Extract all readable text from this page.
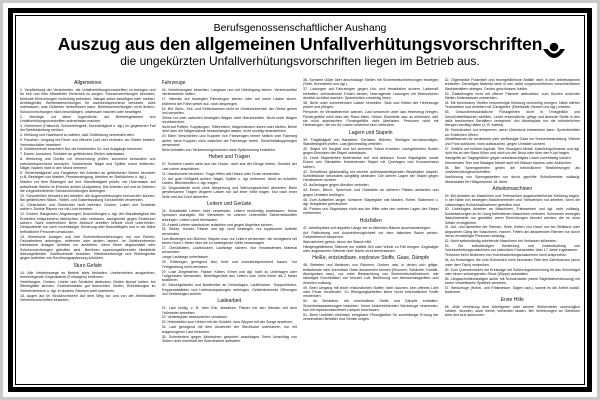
Berufsgenossenschaftlicher Aushang
Auszug aus den allgemeinen Unfallverhütungsvorschriften
die ungekürzten Unfallverhütungsvorschriften liegen im Betrieb aus.
Allgemeines

1. Verpflichtung der Versicherten, die Unfallverhütungsvorschriften zu befolgen und für ihre und ihrer Mitarbeiter Sicherheit zu sorgen. Schutzvorrichtungen benutzen, fehlende Einrichtungen rechtzeitig anfordern. Mängel sofort beseitigen oder melden. Arbeitsgeräte, Betriebseinrichtungen für zweckentsprechend benutzen, alles unterlassen, was Gefahren herbeiführen kann. Betriebseinrichtungen nicht ändern. Schutzvorrichtungen nicht beschädigen, unwirksam machen oder beseitigen.

2. Neulinge, vor allem Jugendliche, auf Betriebsgefahren und Unfallverhütungsvorschriften aufmerksam machen.

3. Gebrechen (Fallsucht, Schwerhörigkeit, Kurzsichtigkeit u. dgl.) im gegebenen Fall der Betriebsleitung melden.

4. Kleidung und Haartracht so wählen, daß Gefährdung vermieden wird.

5. Rauchen, Umgang mit Feuer und offenem Licht dort verboten, wo Gefahr besteht. Verbotsschilder beachten!

6. Zutrittsverbote beachten! Nur die bestimmten Zu- und Ausgänge benutzen.

7. Essen, Ausruhen, Schlafen an gefährlichen Stellen unterlassen.

8. Werkzeug und Geräte vor Verwendung prüfen, schonend behandeln und zweckentsprechend benutzen. Vorstehende Nägel und Splitter sofort entfernen. Nägel, Nadeln nicht in den Mund nehmen!

9. Sicherheitsgürtel und Fangleinen bei Arbeiten an gefährlichen Stellen benutzen (z.B. Besteigen von Masten, Fensterreinigung, Arbeiten an Steildächern u. dgl.).

Masten vor dem Besteigen auf ihre Standfestigkeit prüfen, bei Holzmasten auf anfaulende Stellen im Erdreich achten (Aufgraben). Bei Arbeiten auf und an Dächern die vorgeschriebenen Schutzvorrichtungen anbringen.

10. Schutzbrillen benutzen bei Arbeiten, die Augenverletzungen hervorrufen können. Bei gefährlichen Staub-, Nebel- und Gasentwicklung Schutzmittel verwenden.

11. Gleisrächen und Oberlichter nicht betreten. Gruben, Luken und Schächte sichern. Dunkle Räume nur mit Licht betreten.

12. Gruben, Baugruben, Abgrabungen, Anschüttungen u. dgl. der Standfestigkeit des Erdreichs entsprechend abböschen, oder verbauen, sachgemäß gegen Einstürzen sichern. Nicht unterhöhlen! Beim Abbruch arbeiten Wände nicht unterhöhlen, Gebäudeteile nur nach zuverlässiger Sicherung aller Beschäftigten und in der Nähe befindlichen Personen umstürzen.

13. Elektrische Anlagen und ihre Sicherheitsvorkehrungen nur von Elektro-Facharbeitern anbringen, entfernen oder ändern lassen. Im Gefahrenbereich elektrischer Anlagen Arbeiten nur ausführen, wenn Strom abgeschaltet oder Schutzvorrichtungen getroffen sind. Berühren spannungsführender Metallteile lebensgefährlich. Zutrittsverbote beachten. Elektrowerkzeuge und Elektrogeräte gegen Auftreten von Berührungsspannung schützen.

Sturz-Gefahr

14. Alle Verkehrswege im Betrieb stets freihalten. Unebenheiten ausgleichen, herumliegende Gegenstände (Fußangeln) entfernen.

Vertiefungen, Gruben, Löcher und Schächte abdecken, Böden stumpf halten; bei Winterglätte streuen. Gefahrenstellen gut beleuchten. Stufen, Rohrleitungen im Verkehrsbereich u. dgl. in dunklen Räumen weiß markieren.

15. Augen auf im Straßenverkehr! Auf dem Weg zur und von der Arbeitsstätte Verkehrsvorschriften beachten.

Fahrzeuge

16. Verkehrsregeln beachten. Langsam und mit Überlegung fahren. Verkehrsmittel betriebssicher halten.

17. Niemals auf bewegten Fahrzeugen stehen oder auf losen Lasten sitzen. Während der Fahrt weder auf- noch abspringen.

18. Bei Gleis-, Seil- und Kettenbahnen nicht im Gefahrenbereich der Gleise gehen und verweilen.

Gleise vor oder zwischen bewegten Wagen nicht überschreiten. Nicht unter Wagen durchkriechen.

Nicht auf Puffern, Kupplungen, Trittbrettern, Wagenrändern sitzen oder stehen, Beine nicht über die Wagenwände heraushängen lassen, nicht unnötig hinauslehnen.

19. Beim Verschieben und Kuppeln von Fahrzeugen immer seitlich vom Fahrweg laufen; beim Kuppeln nicht zwischen die Fahrzeuge treten. Sicherheitskupplungen verwenden!

Beim Anhalten von Verbrennungsmotoren stets Spätzündung einstellen.

Heben und Tragen

20. Schwere Lasten stets aus der Hocke, nicht aus der Beuge heben. Gewicht der Last vorher abschätzen.

21. Handschuhe benützen. Trage-Hilfen wie Haken oder Gurte verwenden.

22. Auf gute Griffigkeit achten. Nägel, Splitter u. dgl. entfernen. Nicht an scharfen Kanten, Blechstreifen u. dgl. tragen.

23. Gegenstände nicht ohne Absperrung und Warnungszeichen abwerfen. Beim gemeinsamen Tragen längerer Lasten nur auf einer Seite tragen. Nur nach einer Seite und auf Zuruf abwerfen.

Leitern und Gerüste

24. Schadhafte Leitern nicht verwenden. Leitern rechtzeitig ausbessern. Keine Sprossen aufnageln. Bei Stehleitern im unteren Leiterdrittel Sicherheitsketten anbringen. Leitern nicht überlasten.

25. Anstell-Leitern standsicher aufstellen und gegen Abgleiten sichern.

26. Stühle, Hocker, Fässer und dgl. nicht besteigen, nur kippsichere Auftritte verwenden.

Zum Besteigen von Bühnen, Stapeln usw. nur Leitern verwenden, die wenigstens mit einem Holm 1 Meter über die zu besteigende Stelle hinausragen.

27. Gerüstlatten, Laufbrücken, Laufstege sichern. Nur einwandfreies Material verwenden.

Lange Laufstege unterfassen.

28. Rüstungen genügend fest, breit und zweckentsprechend bauen. Vor Fertigstellung nicht benützen.

29. Lose Ziegelsteine, Fässer, Kisten, Eimer und dgl. nicht zu Unterlagen oder Fußgerüsten verwenden. Behelfsgerüste aus Leitern usw. nicht höher als 2 Meter ausführen.

30. Schutzgeländer und Bordbretter an Gerüstlagen, Laufbrücken, Treppenläufen, Treppenabsätzen und Leiteraussparungen anbringen. Gefahrdrohende Öffnungen und Vertiefungen sichern.

Ladearbeit

31. Last richtig, z. B. über Eck, abwälzen. Fässer mit den Händen auf dem Faßmantel antreiben.

32. Verladegüter absturzsicher verstauen.

33. Hebestellen zum Heben mit der Schärfe, zum Wippen mit der Zunge ansetzen.

34. Last genügend mit dem Anstecher der Stechkarre unterfahren, nur mit ausgewogener Last verkarren.

35. Schrotleitern gegen Abrutschen gesichert anschlagen. Beim Umschlag von Gütern nicht innerhalb der Schrotholme aufhalten.

36. Schwere Güter über abschüssige Stellen mit Sicherheitsvorkehrungen bewegen (Seile, Bremskeile und dgl.).

37. Ladungen auf Fahrzeugen gegen Um- und Herabfallen sichern. Lademaß einhalten, schlaudernde Enden binden, überragende Ladungen mit Warnzeichen deutlich sichtbar machen. Spannketten vorsichtig lösen.

38. Nicht unter schwebenden Lasten verweilen. Taue und Ketten der Hebezeuge prüfen und pflegen.

Personen im Verladebereich warnen. Last senkrecht unter das Hebezeug bringen. Fördergefäße nicht über den Rand füllen. Hölzer, Eisenteile usw. so einbinden, daß sie nicht ausrutschen. Fördergefäße nicht überladen. Personen nicht mit Hebezeugen, die nur für Lasten bestimmt sind, befördern.

Lagern und Stapeln

39. Tragfähigkeit von Bauteilen, Gerüsten, Böhnen, Stellagen berücksichtigen, Standfestigkeit prüfen. Last gleichmäßig verteilen.

40. Stapel mit Sorgfalt und bei sicherem Stand errichten, nachgebenden Boden gegen Einsinken der Stapel unterbauen.

41. Hohe Stapelreihen stufenweise auf- und abbauen. Kurze Stapelgüter, sowie Ecken und Stirnseiten freistehender Stapel mit Querlagen und Kreuzverband sichern.

42. Schnittholz gleichmäßig mit lotrecht aufeinanderliegenden Bindelatten stapeln, Schnittblöcke besonders sorgfältig abbinden. Die oberen Lagen der Stapel gegen Herabwehen sichern.

43. Außenlagen gegen Abrollen verkeilen.

44. Eisen-, Blech-, Sperrholz- und Glastafeln an sicheren Plätzen aufstellen und gegen Umfallen festlegen.

45. Zum Aufstellen langer, schwerer Stapelgüter wie Masten, Rohre, Stabeisen u. dgl. Hubgabeln gebrauchen.

46. Proben und Stapelware nicht aus der Mitte oder den unteren Lagen der Stapel entnehmen.

Holzfällen

47. Arbeitsplätze auf doppelte Länge der zu fällenden Bäume auseinanderlegen.

Auf Fallrichtung und Ausweichmöglichkeit vor dem fallenden Baum achten. Gefahrbereich absperren.

Warnzeichen geben, bevor der Stamm fällt.

Hängengebliebene Stämme nur mittels Seil oder Winde zu Fall bringen. Angesägte oder angehauene Stämme über Nacht nicht stehenlassen.

Heiße, entzündbare, explosive Stoffe, Gase, Dämpfe

48. Betreten und Befahren von Räumen, Gruben usw. in denen sich giftige, betäubende oder brennbare Gase ansammeln können (Brunnen, Schächte, Kanäle, Abortgruben usw.), nur unter Beobachtung von Sicherheitsmaßnahmen, wie ständiges Durchblasen von frischer Luft, Benützung von Atemschutzgeräten und Anseilen zulässig.

49. Beim Umgang mit leicht entzündlichen Stoffen nicht rauchen, kein offenes Licht oder Feuer verwenden. Zu Reinigungsarbeiten keine leicht entzündlichen Stoffe verwenden.

50. An Behältern, die entzündliche Stoffe und Dämpfe enthalten, Sicherheitsanweisungen beachten. Keine funkenreißenden Werkzeuge verwenden. Nur mit explosionssicheren Lampen beschauen.

51. Beim Umfüllen elektrisch erregbarer Flüssigkeiten für zuverlässige Erdung der verwendeten Behälter und Geräte sorgen.

52. Ölgetränkte Putzmittel und feuergefährliche Abfälle nicht in den Arbeitsräumen anhäufen. Derartiges Material stets in den dafür vorgeschriebenen verschließbaren Blechbehältern ablegen. Deckel geschlossen halten.

53. Gasleitungen nicht mit offener Flamme ableuchten; zum Suchen undichter Stellen Seifenwasser verwenden.

54. Mit brennbaren Stoffen verunreinigte Kleidung rechtzeitig reinigen. Nähe offener Feuerstellen und Arbeiten mit Zündgefahr (Elektrizität, Benzin und dgl.) meiden.

55. Gesundheitsschädliche Flüssigkeiten nicht in Trinkgefäße und Genußmittelflaschen abfüllen. Leicht entzündliche, giftige und ätzende Stoffe in den dafür bestimmten Behältern verwahren. Am Arbeitsplatz nur die erforderlichen Mengen vorrätig halten (z. B. Karbid).

56. Hochdrucker nur entsperren, wenn Überdruck entweichen kann. Spreizbehälter vor Erwärmen öffnen.

Metallflaschen für verdichtete oder verflüssigte Gase vor Sonnenbestrahlung, Wärme und Frost schützen, nicht aufstauchen, gegen Umfallen sichern.

57. Gefäße mit heißem Asphalt, Teer, flüssigem Metall, Kabelvergußmasse und dgl. nicht bis an den Rand füllen und nicht vor der Brust oder über den Kopf tragen.

Handgriffe an Tragegefäßen gegen unbeabsichtigtes Lösen zuverlässig sichern.

Brennenden Teer und flüssiges Metall nicht mit Wasser löschen oder Ablöschen.

58. Bei Sprengarbeiten gelten die behördlichen Bestimmungen als Unfallverhütungsvorschriften.

Ausführung von Sprengarbeiten nur durch geprüfte Schießmeister zulässig. Mindestalter für Hilfspersonen 18 Jahre.

Arbeitsmaschinen

59. Bei Arbeiten an Maschinen und Triebwerken anganschließende Kleidung tragen. In der Nähe von bewegten Maschinenteilen und Triebwerken nur arbeiten, wenn die notwendigen Schutzmaßnahmen getroffen sind.

60. Unbefugtes Arbeiten an Maschinen, Triebwerken und dgl. nicht zulässig. Ausbesserungen an im Gang befindlichen Maschinen verboten. Schmieren bewegter Maschinenteile nur gestattet, wenn Einrichtungen benutzt werden, die es ohne Gefahr ermöglichen.

61. Auf- und Abwerfen der Riemen, Seile, Ketten von Hand, nur bei Stillstand oder langsamen Gang der Maschinen. Harzen, Fetten am ablaufenden Riemen nur durch hierzu ermächtigte Personen zulässig.

62. Nicht selbstständig arbeitende Maschinen bei Verlassen stillsetzen.

63. Zur selbständigen Bedienung und Instandhaltung von Holzbearbeitungsmaschinen nur männliche Facharbeiter über 17 Jahre zugelassen.

Personen beim Bedienen von Holzbearbeitungsmaschinen nicht ansprechen.

64. An Kreissägen, die zum Schneiden nicht benutzten Teile des Zahnkranzes (auch unter dem Tisch) verdecken.

65. Zum Querschneiden die Kreissäge mit Zuführungseinrichtung für das Schneidgut oder einem schwingenden Stock (Wippe) ausstatten.

66. Längsschnittkreissägen außer mit Schutzhaube (obere Sägeblattverdeckung) mit einem verstellbaren Spaltkeil versehen.

67. Werkzeuge (Hobel- und Fräsmesser, Sägen usw.), soweit es die Arbeit zuläßt, abdecken.

Erste Hilfe

68. Jede Verletzung dem Arbeitgeber oder seinem Stellvertreter unverzüglich melden. Wunden, auch kleine, verbinden lassen. Bei Verletzungen an Gelenken stets den Arzt aufsuchen.
